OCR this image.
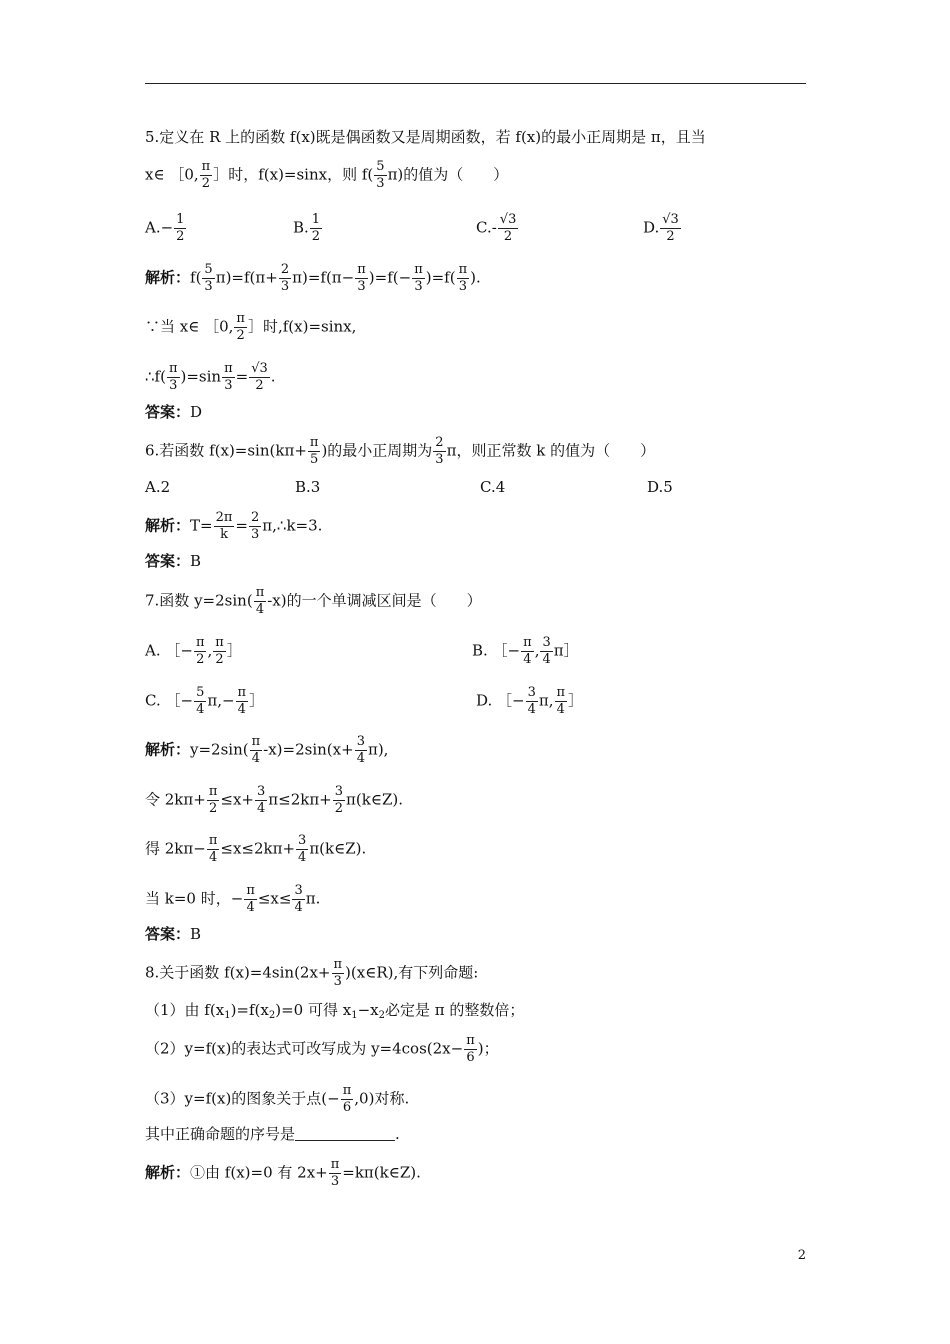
5.定义在 R 上的函数 f(x)既是偶函数又是周期函数，若 f(x)的最小正周期是 π，且当
x∈ ［0, $\frac{\pi}{2}$ ］时，f(x)=sinx，则 $f( \frac{5}{3} \pi)$的值为（　　）
$A.- \frac{1}{2}$	B. $\frac{1}{2}$	$C.- \frac{√3}{2}$	D. $\frac{√3}{2}$
解析：$f( \frac{5}{3} \pi)=f(\pi+ \frac{2}{3} \pi)=f(\pi- \frac{\pi}{3} )=f(- \frac{\pi}{3} )=f( \frac{\pi}{3}$ ).
∵当 x∈ ［0, $\frac{\pi}{2}$ ］时,f(x)=sinx,
∴f( $\frac{\pi}{3} )=\sin \frac{\pi}{3} = \frac{√3}{2}$ .
答案：D
6.若函数 $f(x)=\sin(k\pi+ \frac{\pi}{5}$ )的最小正周期为 $\frac{2}{3}$ π，则正常数 k 的值为（　　）
A.2	B.3	C.4	D.5
解析：$T= \frac{2\pi}{k} = \frac{2}{3}$ π,∴k=3.
答案：B
7.函数 $y=2\sin( \frac{\pi}{4} -x)$的一个单调减区间是（　　）
A. ［− $\frac{\pi}{2}$ , $\frac{\pi}{2}$ ］	B. ［− $\frac{\pi}{4}$ , $\frac{3}{4}$ π］
C. ［− $\frac{5}{4} \pi,- \frac{\pi}{4}$ ］	D. ［− $\frac{3}{4} \pi$, $\frac{\pi}{4}$ ］
解析：$y=2\sin( \frac{\pi}{4} -x)=2\sin(x+ \frac{3}{4} \pi)$,
令 $2k\pi+ \frac{\pi}{2} \le x+ \frac{3}{4} \pi\le 2k\pi+ \frac{3}{2}$ π(k∈Z).
得 $2k\pi- \frac{\pi}{4} \le x\le 2k\pi+ \frac{3}{4}$ π(k∈Z).
当 k=0 时，− $\frac{\pi}{4} \le x\le \frac{3}{4} \pi$.
答案：B
8.关于函数 $f(x)=4\sin(2x+ \frac{\pi}{3}$ )(x∈R),有下列命题:
（1）由 $f(x_1)=f(x_2)=0$ 可得 $x_1-x_2$必定是 π 的整数倍；
（2）y=f(x)的表达式可改写成为 $y=4\cos(2x- \frac{\pi}{6}$ )；
（3）y=f(x)的图象关于点(− $\frac{\pi}{6} ,0$)对称.
其中正确命题的序号是	.
解析：①由 f(x)=0 有 $2x+ \frac{\pi}{3}$ =kπ(k∈Z).
2
